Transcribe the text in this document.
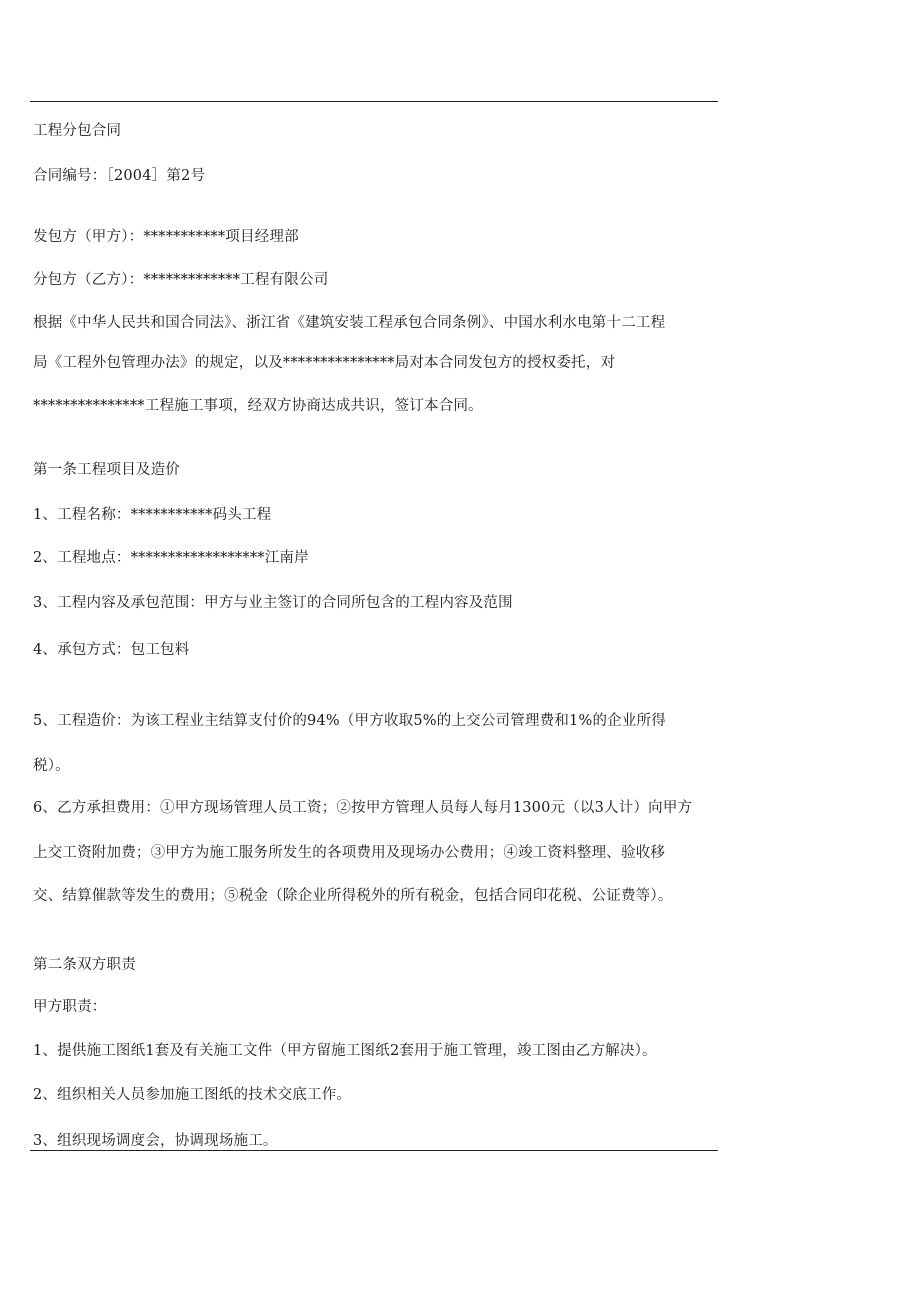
工程分包合同
合同编号：［2004］第2号
发包方（甲方）：***********项目经理部
分包方（乙方）：*************工程有限公司
根据《中华人民共和国合同法》、浙江省《建筑安装工程承包合同条例》、中国水利水电第十二工程
局《工程外包管理办法》的规定，以及***************局对本合同发包方的授权委托，对
***************工程施工事项，经双方协商达成共识，签订本合同。
第一条工程项目及造价
1、工程名称：***********码头工程
2、工程地点：******************江南岸
3、工程内容及承包范围：甲方与业主签订的合同所包含的工程内容及范围
4、承包方式：包工包料
5、工程造价：为该工程业主结算支付价的94%（甲方收取5%的上交公司管理费和1%的企业所得
税）。
6、乙方承担费用：①甲方现场管理人员工资；②按甲方管理人员每人每月1300元（以3人计）向甲方
上交工资附加费；③甲方为施工服务所发生的各项费用及现场办公费用；④竣工资料整理、验收移
交、结算催款等发生的费用；⑤税金（除企业所得税外的所有税金，包括合同印花税、公证费等）。
第二条双方职责
甲方职责：
1、提供施工图纸1套及有关施工文件（甲方留施工图纸2套用于施工管理，竣工图由乙方解决）。
2、组织相关人员参加施工图纸的技术交底工作。
3、组织现场调度会，协调现场施工。
